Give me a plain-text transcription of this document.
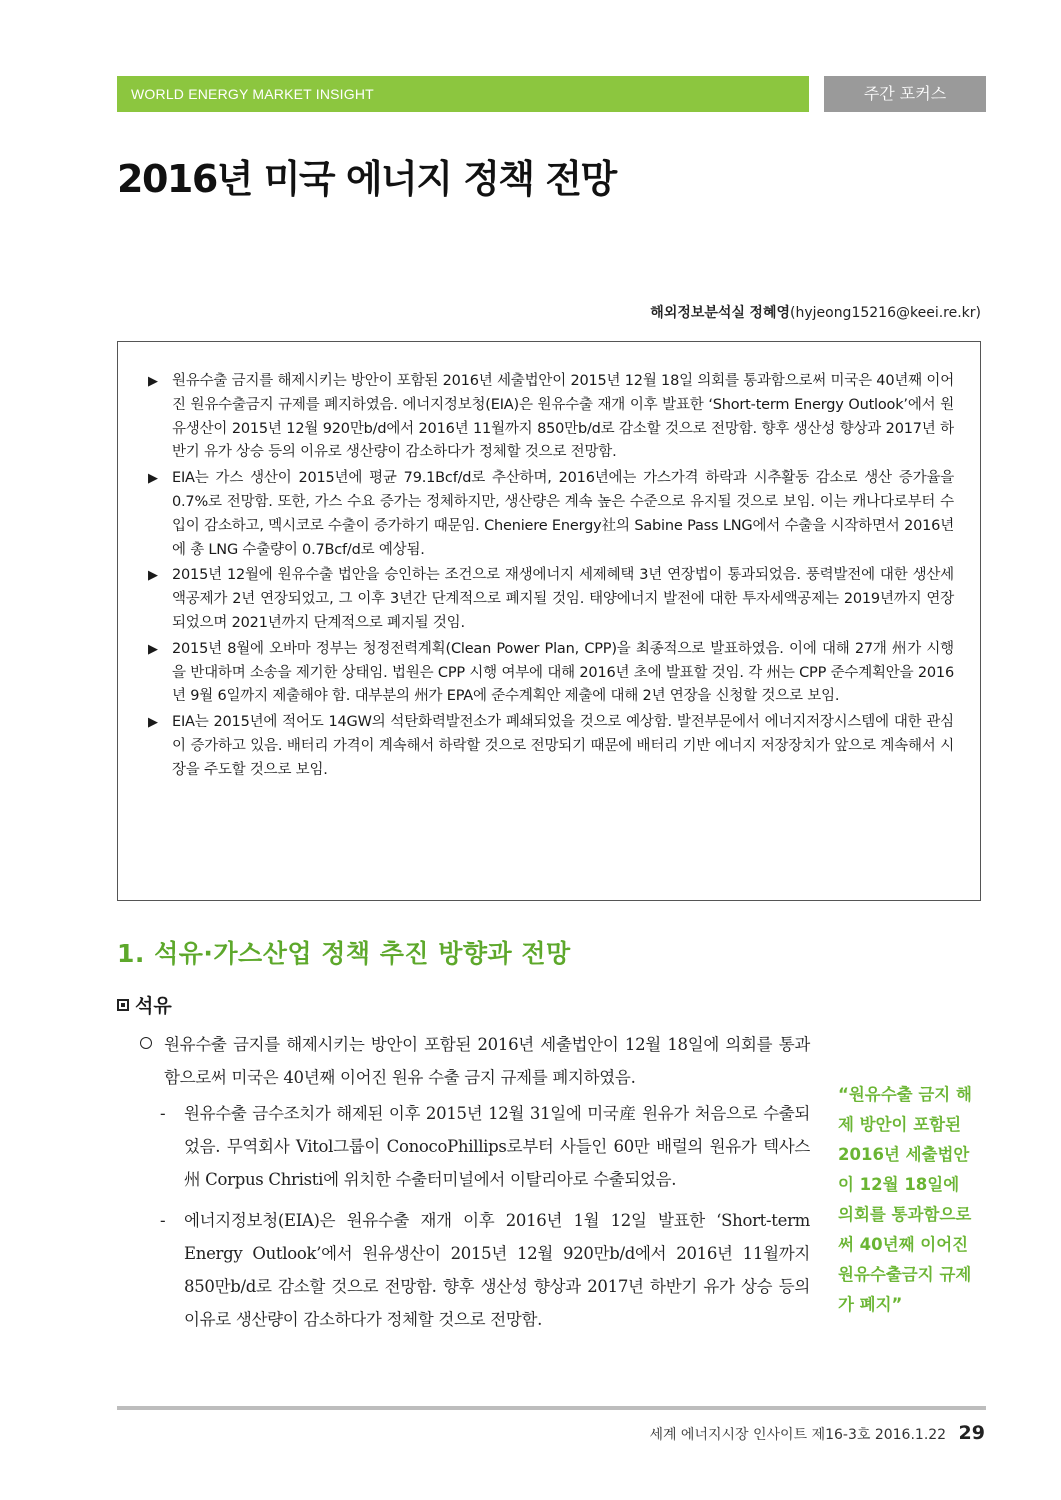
WORLD ENERGY MARKET INSIGHT	주간 포커스
2016년 미국 에너지 정책 전망
해외정보분석실 정혜영(hyjeong15216@keei.re.kr)
▶ 원유수출 금지를 해제시키는 방안이 포함된 2016년 세출법안이 2015년 12월 18일 의회를 통과함으로써 미국은 40년째 이어진 원유수출금지 규제를 폐지하였음. 에너지정보청(EIA)은 원유수출 재개 이후 발표한 ‘Short-term Energy Outlook’에서 원유생산이 2015년 12월 920만b/d에서 2016년 11월까지 850만b/d로 감소할 것으로 전망함. 향후 생산성 향상과 2017년 하반기 유가 상승 등의 이유로 생산량이 감소하다가 정체할 것으로 전망함.
▶ EIA는 가스 생산이 2015년에 평균 79.1Bcf/d로 추산하며, 2016년에는 가스가격 하락과 시추활동 감소로 생산 증가율을 0.7%로 전망함. 또한, 가스 수요 증가는 정체하지만, 생산량은 계속 높은 수준으로 유지될 것으로 보임. 이는 캐나다로부터 수입이 감소하고, 멕시코로 수출이 증가하기 때문임. Cheniere Energy社의 Sabine Pass LNG에서 수출을 시작하면서 2016년에 총 LNG 수출량이 0.7Bcf/d로 예상됨.
▶ 2015년 12월에 원유수출 법안을 승인하는 조건으로 재생에너지 세제혜택 3년 연장법이 통과되었음. 풍력발전에 대한 생산세액공제가 2년 연장되었고, 그 이후 3년간 단계적으로 폐지될 것임. 태양에너지 발전에 대한 투자세액공제는 2019년까지 연장되었으며 2021년까지 단계적으로 폐지될 것임.
▶ 2015년 8월에 오바마 정부는 청정전력계획(Clean Power Plan, CPP)을 최종적으로 발표하였음. 이에 대해 27개 州가 시행을 반대하며 소송을 제기한 상태임. 법원은 CPP 시행 여부에 대해 2016년 초에 발표할 것임. 각 州는 CPP 준수계획안을 2016년 9월 6일까지 제출해야 함. 대부분의 州가 EPA에 준수계획안 제출에 대해 2년 연장을 신청할 것으로 보임.
▶ EIA는 2015년에 적어도 14GW의 석탄화력발전소가 폐쇄되었을 것으로 예상함. 발전부문에서 에너지저장시스템에 대한 관심이 증가하고 있음. 배터리 가격이 계속해서 하락할 것으로 전망되기 때문에 배터리 기반 에너지 저장장치가 앞으로 계속해서 시장을 주도할 것으로 보임.
1. 석유·가스산업 정책 추진 방향과 전망
석유
원유수출 금지를 해제시키는 방안이 포함된 2016년 세출법안이 12월 18일에 의회를 통과함으로써 미국은 40년째 이어진 원유 수출 금지 규제를 폐지하였음.
- 원유수출 금수조치가 해제된 이후 2015년 12월 31일에 미국産 원유가 처음으로 수출되었음. 무역회사 Vitol그룹이 ConocoPhillips로부터 사들인 60만 배럴의 원유가 텍사스州 Corpus Christi에 위치한 수출터미널에서 이탈리아로 수출되었음.
- 에너지정보청(EIA)은 원유수출 재개 이후 2016년 1월 12일 발표한 ‘Short-term Energy Outlook’에서 원유생산이 2015년 12월 920만b/d에서 2016년 11월까지 850만b/d로 감소할 것으로 전망함. 향후 생산성 향상과 2017년 하반기 유가 상승 등의 이유로 생산량이 감소하다가 정체할 것으로 전망함.
“원유수출 금지 해제 방안이 포함된 2016년 세출법안이 12월 18일에 의회를 통과함으로써 40년째 이어진 원유수출금지 규제가 폐지”
세계 에너지시장 인사이트 제16-3호 2016.1.22 29
